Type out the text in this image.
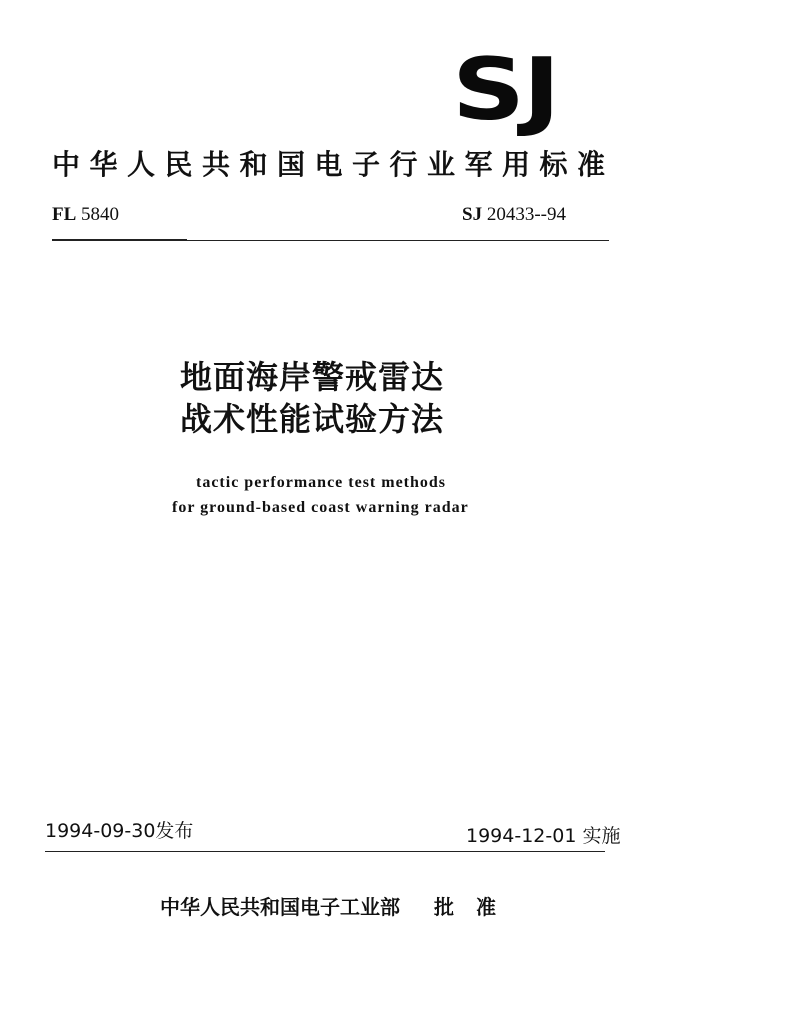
SJ
中华人民共和国电子行业军用标准
FL 5840	SJ 20433--94
地面海岸警戒雷达
战术性能试验方法
tactic performance test methods
for ground-based coast warning radar
1994-09-30发布	1994-12-01 实施
中华人民共和国电子工业部 批准
